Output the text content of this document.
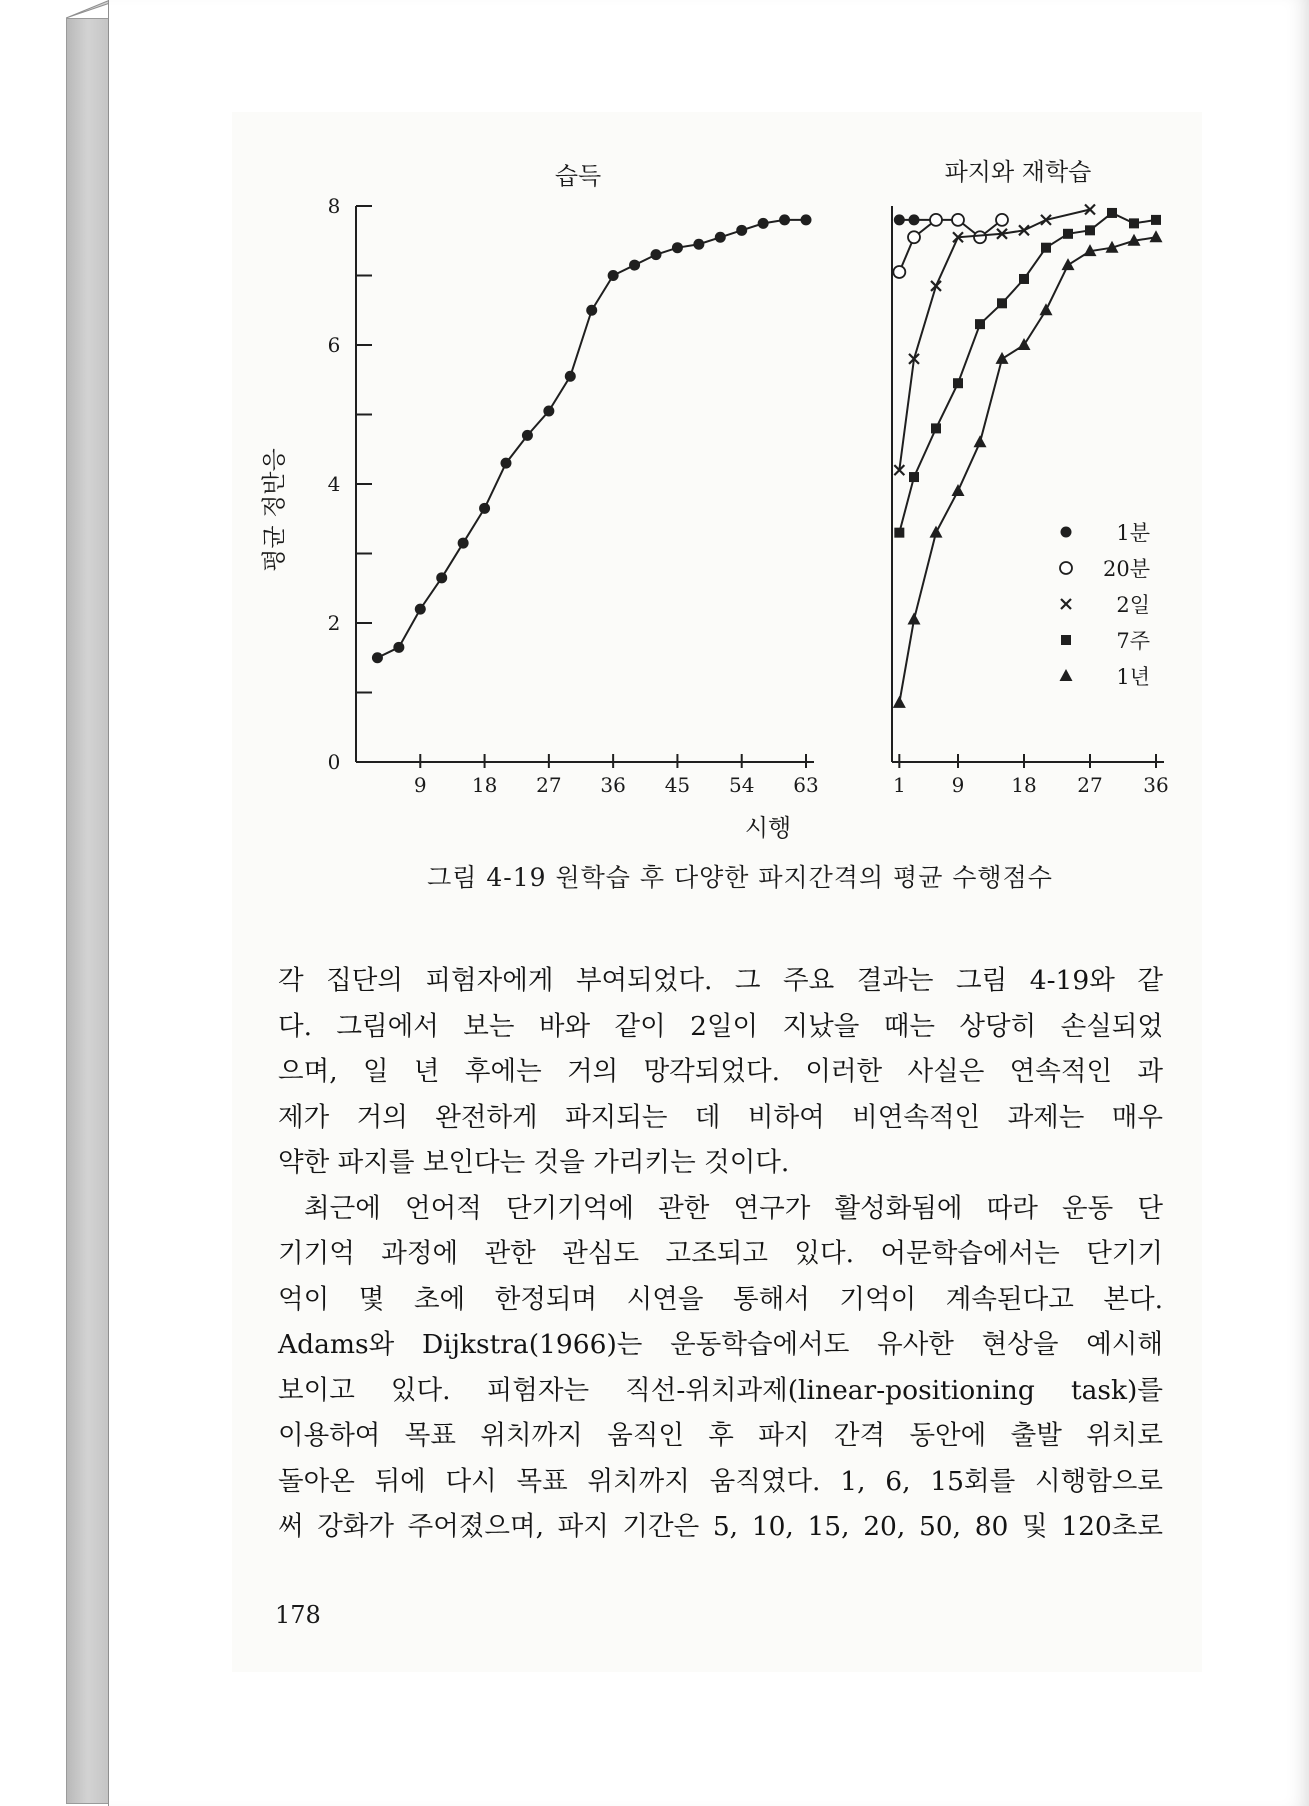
습득	파지와 재학습
평균 정반응
시행
0
2
4
6
8
9 18 27 36 45 54 63	1 9 18 27 36
1분
20분
2일
7주
1년
그림 4-19 원학습 후 다양한 파지간격의 평균 수행점수

각 집단의 피험자에게 부여되었다. 그 주요 결과는 그림 4-19와 같

다. 그림에서 보는 바와 같이 2일이 지났을 때는 상당히 손실되었

으며, 일 년 후에는 거의 망각되었다. 이러한 사실은 연속적인 과

제가 거의 완전하게 파지되는 데 비하여 비연속적인 과제는 매우

약한 파지를 보인다는 것을 가리키는 것이다.

최근에 언어적 단기기억에 관한 연구가 활성화됨에 따라 운동 단

기기억 과정에 관한 관심도 고조되고 있다. 어문학습에서는 단기기

억이 몇 초에 한정되며 시연을 통해서 기억이 계속된다고 본다.

Adams와 Dijkstra(1966)는 운동학습에서도 유사한 현상을 예시해

보이고 있다. 피험자는 직선-위치과제(linear-positioning task)를

이용하여 목표 위치까지 움직인 후 파지 간격 동안에 출발 위치로

돌아온 뒤에 다시 목표 위치까지 움직였다. 1, 6, 15회를 시행함으로

써 강화가 주어졌으며, 파지 기간은 5, 10, 15, 20, 50, 80 및 120초로

178
